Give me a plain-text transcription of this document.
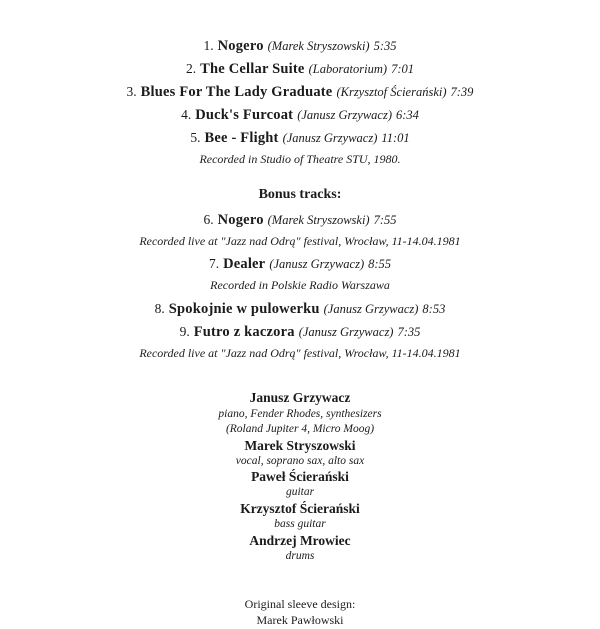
1. Nogero (Marek Stryszowski) 5:35

2. The Cellar Suite (Laboratorium) 7:01

3. Blues For The Lady Graduate (Krzysztof Ścierański) 7:39

4. Duck's Furcoat (Janusz Grzywacz) 6:34

5. Bee - Flight (Janusz Grzywacz) 11:01

Recorded in Studio of Theatre STU, 1980.

Bonus tracks:

6. Nogero (Marek Stryszowski) 7:55

Recorded live at "Jazz nad Odrą" festival, Wrocław, 11-14.04.1981

7. Dealer (Janusz Grzywacz) 8:55

Recorded in Polskie Radio Warszawa

8. Spokojnie w pulowerku (Janusz Grzywacz) 8:53

9. Futro z kaczora (Janusz Grzywacz) 7:35

Recorded live at "Jazz nad Odrą" festival, Wrocław, 11-14.04.1981

Janusz Grzywacz
piano, Fender Rhodes, synthesizers
(Roland Jupiter 4, Micro Moog)
Marek Stryszowski
vocal, soprano sax, alto sax
Paweł Ścierański
guitar
Krzysztof Ścierański
bass guitar
Andrzej Mrowiec
drums
Original sleeve design:
Marek Pawłowski
